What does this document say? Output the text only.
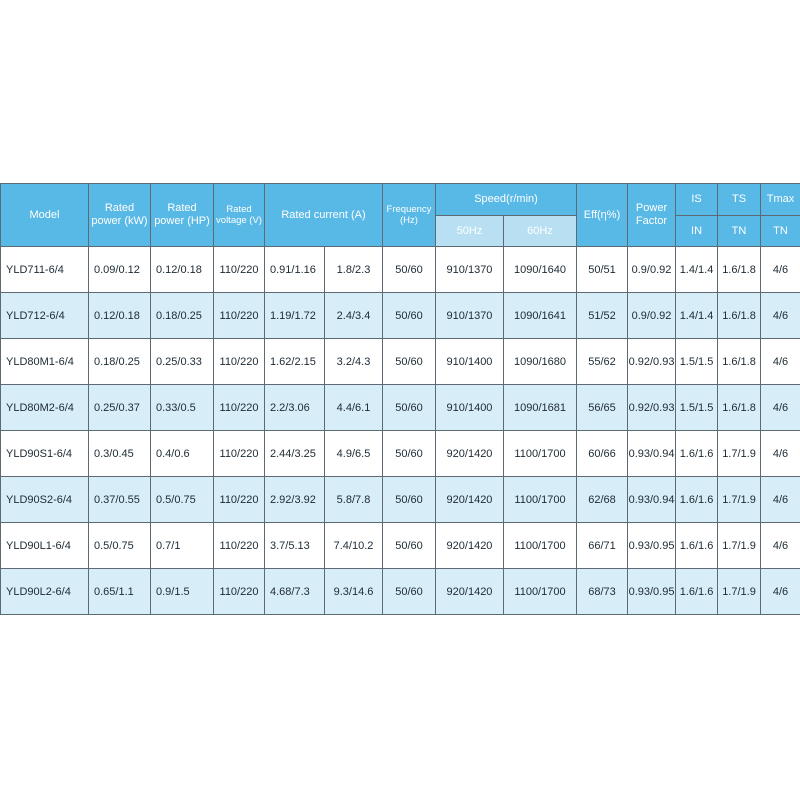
Model	Rated power (kW)	Rated power (HP)	Rated voltage (V)	Rated current (A)		Frequency (Hz)	Speed(r/min)		Eff(η%)	Power Factor	IS	TS	Tmax
							50Hz	60Hz			IN	TN	TN
YLD711-6/4	0.09/0.12	0.12/0.18	110/220	0.91/1.16	1.8/2.3	50/60	910/1370	1090/1640	50/51	0.9/0.92	1.4/1.4	1.6/1.8	4/6
YLD712-6/4	0.12/0.18	0.18/0.25	110/220	1.19/1.72	2.4/3.4	50/60	910/1370	1090/1641	51/52	0.9/0.92	1.4/1.4	1.6/1.8	4/6
YLD80M1-6/4	0.18/0.25	0.25/0.33	110/220	1.62/2.15	3.2/4.3	50/60	910/1400	1090/1680	55/62	0.92/0.93	1.5/1.5	1.6/1.8	4/6
YLD80M2-6/4	0.25/0.37	0.33/0.5	110/220	2.2/3.06	4.4/6.1	50/60	910/1400	1090/1681	56/65	0.92/0.93	1.5/1.5	1.6/1.8	4/6
YLD90S1-6/4	0.3/0.45	0.4/0.6	110/220	2.44/3.25	4.9/6.5	50/60	920/1420	1100/1700	60/66	0.93/0.94	1.6/1.6	1.7/1.9	4/6
YLD90S2-6/4	0.37/0.55	0.5/0.75	110/220	2.92/3.92	5.8/7.8	50/60	920/1420	1100/1700	62/68	0.93/0.94	1.6/1.6	1.7/1.9	4/6
YLD90L1-6/4	0.5/0.75	0.7/1	110/220	3.7/5.13	7.4/10.2	50/60	920/1420	1100/1700	66/71	0.93/0.95	1.6/1.6	1.7/1.9	4/6
YLD90L2-6/4	0.65/1.1	0.9/1.5	110/220	4.68/7.3	9.3/14.6	50/60	920/1420	1100/1700	68/73	0.93/0.95	1.6/1.6	1.7/1.9	4/6
